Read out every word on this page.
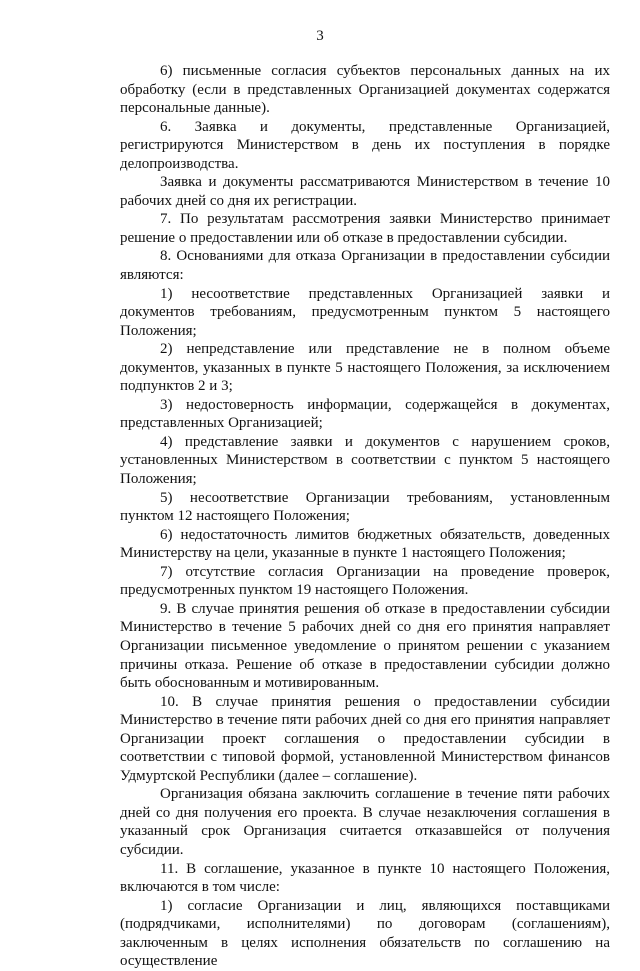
3

6) письменные согласия субъектов персональных данных на их обработку (если в представленных Организацией документах содержатся персональные данные).

6. Заявка и документы, представленные Организацией, регистрируются Министерством в день их поступления в порядке делопроизводства.

Заявка и документы рассматриваются Министерством в течение 10 рабочих дней со дня их регистрации.

7. По результатам рассмотрения заявки Министерство принимает решение о предоставлении или об отказе в предоставлении субсидии.

8. Основаниями для отказа Организации в предоставлении субсидии являются:

1) несоответствие представленных Организацией заявки и документов требованиям, предусмотренным пунктом 5 настоящего Положения;

2) непредставление или представление не в полном объеме документов, указанных в пункте 5 настоящего Положения, за исключением подпунктов 2 и 3;

3) недостоверность информации, содержащейся в документах, представленных Организацией;

4) представление заявки и документов с нарушением сроков, установленных Министерством в соответствии с пунктом 5 настоящего Положения;

5) несоответствие Организации требованиям, установленным пунктом 12 настоящего Положения;

6) недостаточность лимитов бюджетных обязательств, доведенных Министерству на цели, указанные в пункте 1 настоящего Положения;

7) отсутствие согласия Организации на проведение проверок, предусмотренных пунктом 19 настоящего Положения.

9. В случае принятия решения об отказе в предоставлении субсидии Министерство в течение 5 рабочих дней со дня его принятия направляет Организации письменное уведомление о принятом решении с указанием причины отказа. Решение об отказе в предоставлении субсидии должно быть обоснованным и мотивированным.

10. В случае принятия решения о предоставлении субсидии Министерство в течение пяти рабочих дней со дня его принятия направляет Организации проект соглашения о предоставлении субсидии в соответствии с типовой формой, установленной Министерством финансов Удмуртской Республики (далее – соглашение).

Организация обязана заключить соглашение в течение пяти рабочих дней со дня получения его проекта. В случае незаключения соглашения в указанный срок Организация считается отказавшейся от получения субсидии.

11. В соглашение, указанное в пункте 10 настоящего Положения, включаются в том числе:

1) согласие Организации и лиц, являющихся поставщиками (подрядчиками, исполнителями) по договорам (соглашениям), заключенным в целях исполнения обязательств по соглашению на осуществление
